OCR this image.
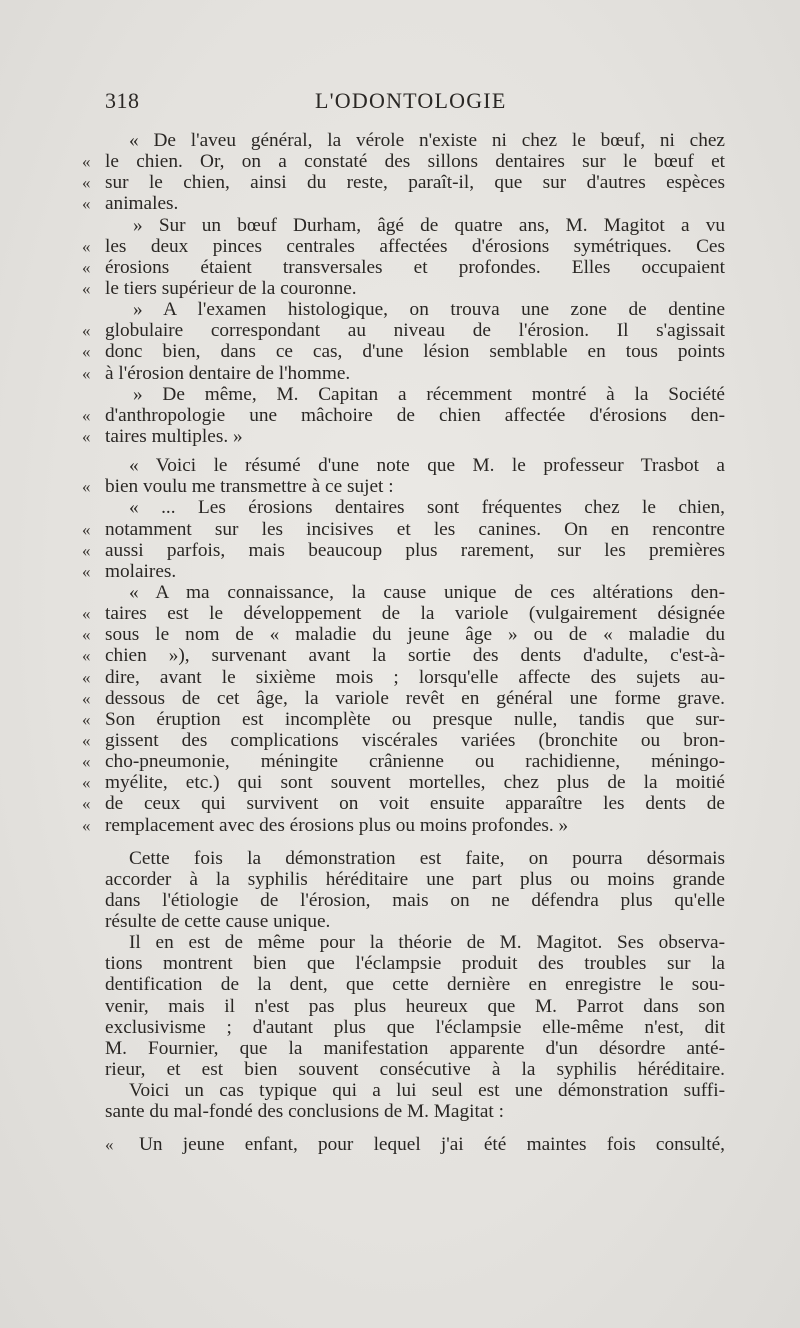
318	L'ODONTOLOGIE
« De l'aveu général, la vérole n'existe ni chez le bœuf, ni chez
« le chien. Or, on a constaté des sillons dentaires sur le bœuf et
« sur le chien, ainsi du reste, paraît-il, que sur d'autres espèces
« animales.
» Sur un bœuf Durham, âgé de quatre ans, M. Magitot a vu
« les deux pinces centrales affectées d'érosions symétriques. Ces
« érosions étaient transversales et profondes. Elles occupaient
« le tiers supérieur de la couronne.
» A l'examen histologique, on trouva une zone de dentine
« globulaire correspondant au niveau de l'érosion. Il s'agissait
« donc bien, dans ce cas, d'une lésion semblable en tous points
« à l'érosion dentaire de l'homme.
» De même, M. Capitan a récemment montré à la Société
« d'anthropologie une mâchoire de chien affectée d'érosions den-
« taires multiples. »
« Voici le résumé d'une note que M. le professeur Trasbot a
« bien voulu me transmettre à ce sujet :
« ... Les érosions dentaires sont fréquentes chez le chien,
« notamment sur les incisives et les canines. On en rencontre
« aussi parfois, mais beaucoup plus rarement, sur les premières
« molaires.
« A ma connaissance, la cause unique de ces altérations den-
« taires est le développement de la variole (vulgairement désignée
« sous le nom de « maladie du jeune âge » ou de « maladie du
« chien »), survenant avant la sortie des dents d'adulte, c'est-à-
« dire, avant le sixième mois ; lorsqu'elle affecte des sujets au-
« dessous de cet âge, la variole revêt en général une forme grave.
« Son éruption est incomplète ou presque nulle, tandis que sur-
« gissent des complications viscérales variées (bronchite ou bron-
« cho-pneumonie, méningite crânienne ou rachidienne, méningo-
« myélite, etc.) qui sont souvent mortelles, chez plus de la moitié
« de ceux qui survivent on voit ensuite apparaître les dents de
« remplacement avec des érosions plus ou moins profondes. »
Cette fois la démonstration est faite, on pourra désormais
accorder à la syphilis héréditaire une part plus ou moins grande
dans l'étiologie de l'érosion, mais on ne défendra plus qu'elle
résulte de cette cause unique.
Il en est de même pour la théorie de M. Magitot. Ses observa-
tions montrent bien que l'éclampsie produit des troubles sur la
dentification de la dent, que cette dernière en enregistre le sou-
venir, mais il n'est pas plus heureux que M. Parrot dans son
exclusivisme ; d'autant plus que l'éclampsie elle-même n'est, dit
M. Fournier, que la manifestation apparente d'un désordre anté-
rieur, et est bien souvent consécutive à la syphilis héréditaire.
Voici un cas typique qui a lui seul est une démonstration suffi-
sante du mal-fondé des conclusions de M. Magitat :
« Un jeune enfant, pour lequel j'ai été maintes fois consulté,
